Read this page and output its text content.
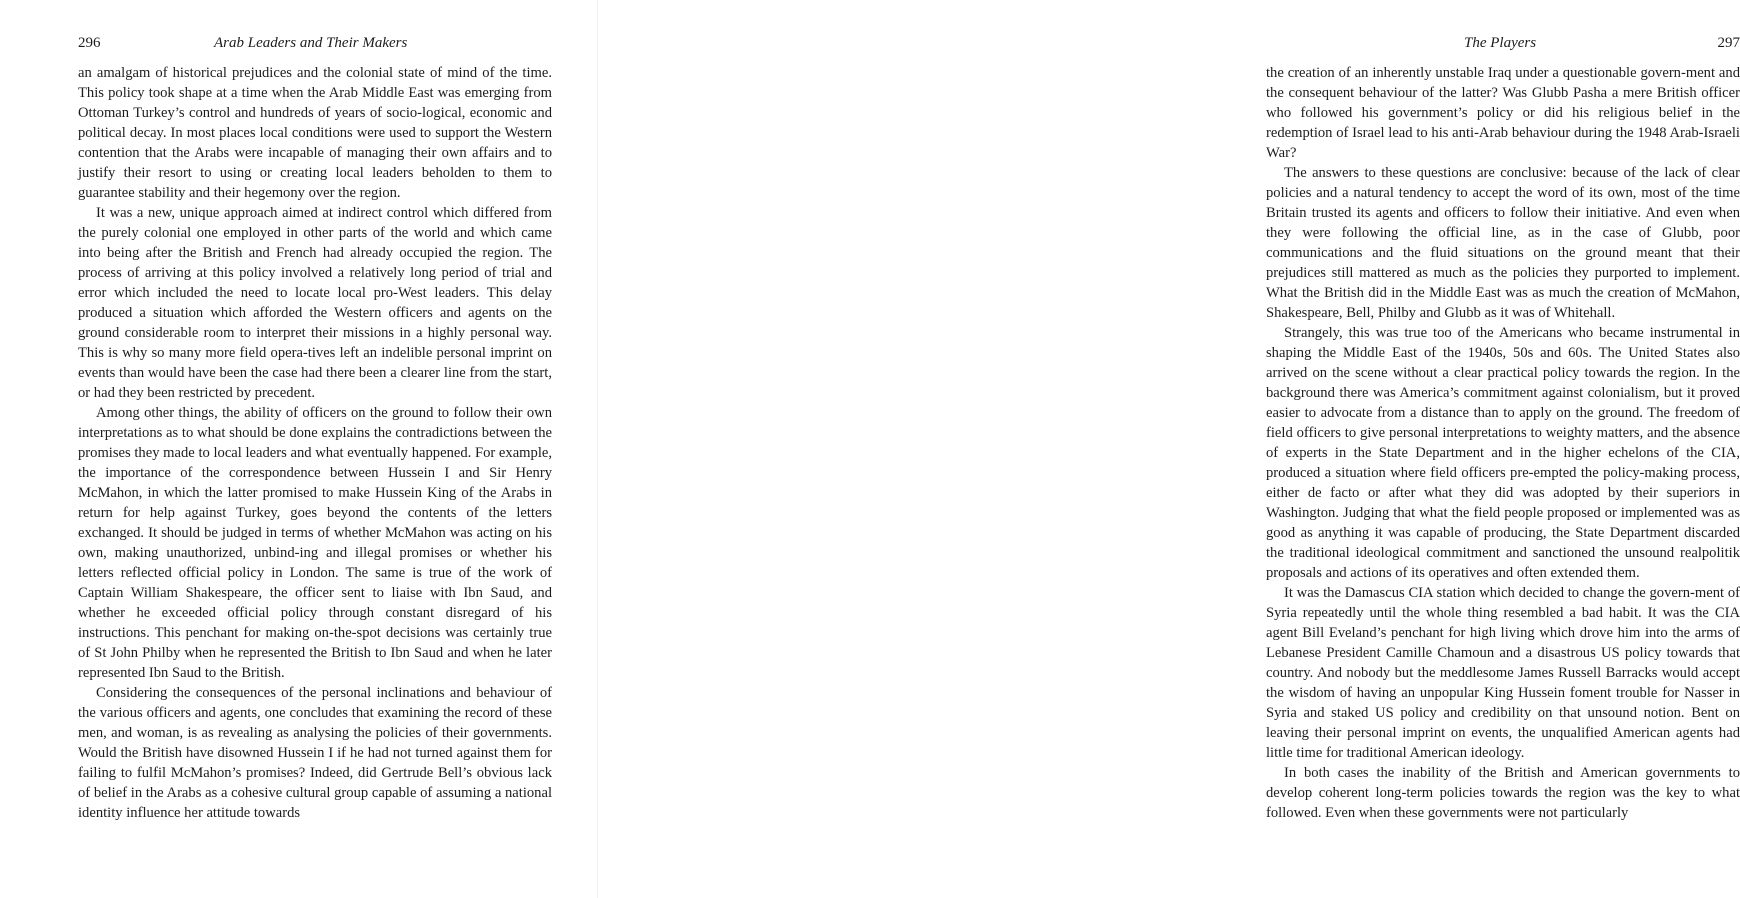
296	Arab Leaders and Their Makers

an amalgam of historical prejudices and the colonial state of mind of the time. This policy took shape at a time when the Arab Middle East was emerging from Ottoman Turkey’s control and hundreds of years of socio-logical, economic and political decay. In most places local conditions were used to support the Western contention that the Arabs were incapable of managing their own affairs and to justify their resort to using or creating local leaders beholden to them to guarantee stability and their hegemony over the region.

It was a new, unique approach aimed at indirect control which differed from the purely colonial one employed in other parts of the world and which came into being after the British and French had already occupied the region. The process of arriving at this policy involved a relatively long period of trial and error which included the need to locate local pro-West leaders. This delay produced a situation which afforded the Western officers and agents on the ground considerable room to interpret their missions in a highly personal way. This is why so many more field opera-tives left an indelible personal imprint on events than would have been the case had there been a clearer line from the start, or had they been restricted by precedent.

Among other things, the ability of officers on the ground to follow their own interpretations as to what should be done explains the contradictions between the promises they made to local leaders and what eventually happened. For example, the importance of the correspondence between Hussein I and Sir Henry McMahon, in which the latter promised to make Hussein King of the Arabs in return for help against Turkey, goes beyond the contents of the letters exchanged. It should be judged in terms of whether McMahon was acting on his own, making unauthorized, unbind-ing and illegal promises or whether his letters reflected official policy in London. The same is true of the work of Captain William Shakespeare, the officer sent to liaise with Ibn Saud, and whether he exceeded official policy through constant disregard of his instructions. This penchant for making on-the-spot decisions was certainly true of St John Philby when he represented the British to Ibn Saud and when he later represented Ibn Saud to the British.

Considering the consequences of the personal inclinations and behaviour of the various officers and agents, one concludes that examining the record of these men, and woman, is as revealing as analysing the policies of their governments. Would the British have disowned Hussein I if he had not turned against them for failing to fulfil McMahon’s promises? Indeed, did Gertrude Bell’s obvious lack of belief in the Arabs as a cohesive cultural group capable of assuming a national identity influence her attitude towards

The Players	297

the creation of an inherently unstable Iraq under a questionable govern-ment and the consequent behaviour of the latter? Was Glubb Pasha a mere British officer who followed his government’s policy or did his religious belief in the redemption of Israel lead to his anti-Arab behaviour during the 1948 Arab-Israeli War?

The answers to these questions are conclusive: because of the lack of clear policies and a natural tendency to accept the word of its own, most of the time Britain trusted its agents and officers to follow their initiative. And even when they were following the official line, as in the case of Glubb, poor communications and the fluid situations on the ground meant that their prejudices still mattered as much as the policies they purported to implement. What the British did in the Middle East was as much the creation of McMahon, Shakespeare, Bell, Philby and Glubb as it was of Whitehall.

Strangely, this was true too of the Americans who became instrumental in shaping the Middle East of the 1940s, 50s and 60s. The United States also arrived on the scene without a clear practical policy towards the region. In the background there was America’s commitment against colonialism, but it proved easier to advocate from a distance than to apply on the ground. The freedom of field officers to give personal interpretations to weighty matters, and the absence of experts in the State Department and in the higher echelons of the CIA, produced a situation where field officers pre-empted the policy-making process, either de facto or after what they did was adopted by their superiors in Washington. Judging that what the field people proposed or implemented was as good as anything it was capable of producing, the State Department discarded the traditional ideological commitment and sanctioned the unsound realpolitik proposals and actions of its operatives and often extended them.

It was the Damascus CIA station which decided to change the govern-ment of Syria repeatedly until the whole thing resembled a bad habit. It was the CIA agent Bill Eveland’s penchant for high living which drove him into the arms of Lebanese President Camille Chamoun and a disastrous US policy towards that country. And nobody but the meddlesome James Russell Barracks would accept the wisdom of having an unpopular King Hussein foment trouble for Nasser in Syria and staked US policy and credibility on that unsound notion. Bent on leaving their personal imprint on events, the unqualified American agents had little time for traditional American ideology.

In both cases the inability of the British and American governments to develop coherent long-term policies towards the region was the key to what followed. Even when these governments were not particularly
